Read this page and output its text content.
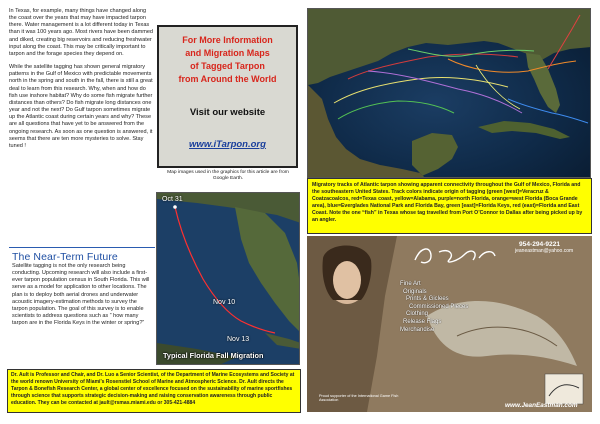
In Texas, for example, many things have changed along the coast over the years that may have impacted tarpon there. Water management is a lot different today in Texas than it was 100 years ago. Most rivers have been dammed and diked, creating big reservoirs and reducing freshwater input along the coast. This may be critically important to tarpon and the forage species they depend on.

While the satellite tagging has shown general migratory patterns in the Gulf of Mexico with predictable movements north in the spring and south in the fall, there is still a great deal to learn from this research. Why, when and how do fish use inshore habitat? Why do some fish migrate further distances than others? Do fish migrate long distances one year and not the next? Do Gulf tarpon sometimes migrate up the Atlantic coast during certain years and why? These are all questions that have yet to be answered from the ongoing research. As soon as one question is answered, it seems that there are ten more mysteries to solve. Stay tuned !

The Near-Term Future
Satellite tagging is not the only research being conducting. Upcoming research will also include a first-ever tarpon population census in South Florida. This will serve as a model for application to other locations. The plan is to deploy both aerial drones and underwater acoustic imagery-estimation methods to survey the tarpon population. The goal of this survey is to enable scientists to address questions such as “ how many tarpon are in the Florida Keys in the winter or spring?”
For More Information
and Migration Maps
of Tagged Tarpon
from Around the World
Visit our website
www.iTarpon.org
Map images used in the graphics for this article are from Google Earth.
Oct 31
Nov 10
Nov 13
Typical Florida Fall Migration
Migratory tracks of Atlantic tarpon showing apparent connectivity throughout the Gulf of Mexico, Florida and the southeastern United States. Track colors indicate origin of tagging (green [west]=Veracruz & Coatzacoalcos, red=Texas coast, yellow=Alabama, purple=north Florida, orange=west Florida (Boca Grande area), blue=Everglades National Park and Florida Bay, green [east]=Florida Keys, red (east)=Florida and East Coast. Note the one “fish” in Texas whose tag travelled from Port O’Connor to Dallas after being picked up by an angler.
954-294-9221
jeaneastman@yahoo.com
Fine Art
Originals
Prints & Giclees
Commissioned Pieces
Clothing
Release Flags
Merchandise
Proud supporter of the International Game Fish Association
www.JeanEastman.com
Dr. Ault is Professor and Chair, and Dr. Luo a Senior Scientist, of the Department of Marine Ecosystems and Society at the world renown University of Miami's Rosenstiel School of Marine and Atmospheric Science. Dr. Ault directs the Tarpon & Bonefish Research Center, a global center of excellence focused on the sustainability of marine sportfishes through science that supports strategic decision-making and raising conservation awareness through public education. They can be contacted at jault@rsmas.miami.edu or 305-421-4884
